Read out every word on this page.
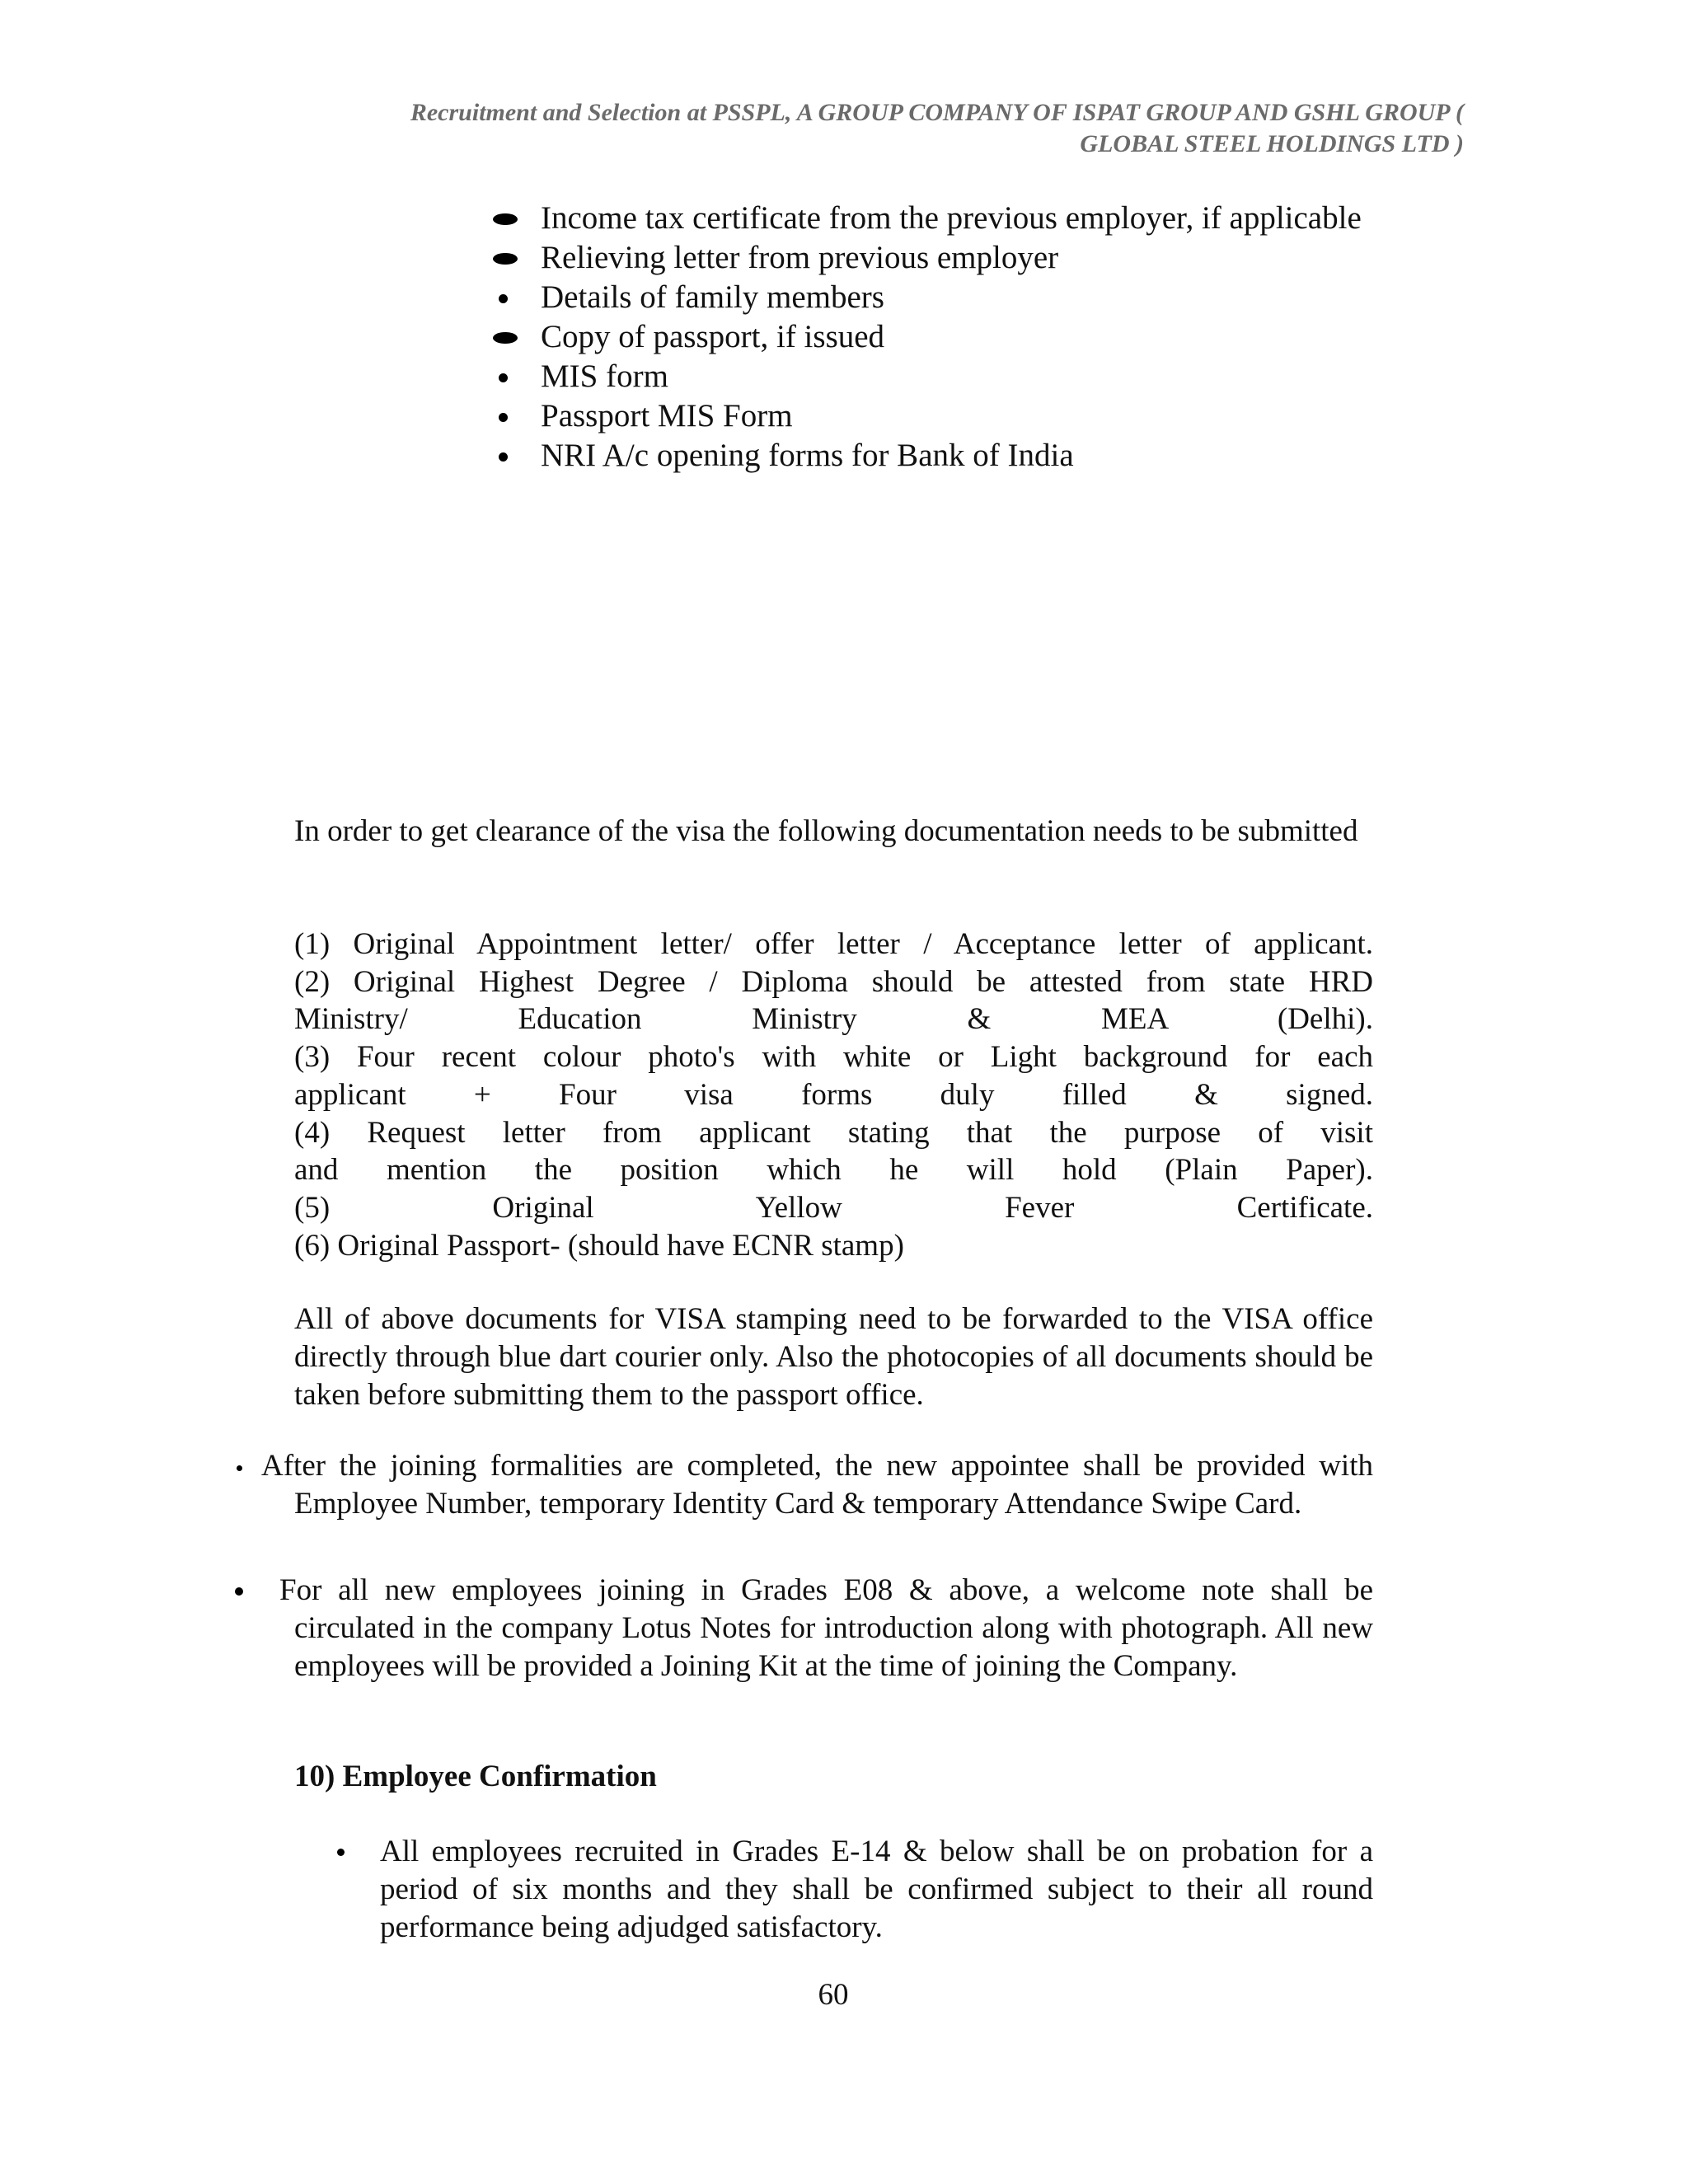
Recruitment and Selection at PSSPL, A GROUP COMPANY OF ISPAT GROUP AND GSHL GROUP (
GLOBAL STEEL HOLDINGS LTD )
Income tax certificate from the previous employer, if applicable
Relieving letter from previous employer
Details of family members
Copy of passport, if issued
MIS form
Passport MIS Form
NRI A/c opening forms for Bank of India

In order to get clearance of the visa the following documentation needs to be submitted

(1) Original Appointment letter/ offer letter / Acceptance letter of applicant.
(2) Original Highest Degree / Diploma should be attested from state HRD
Ministry/ Education Ministry & MEA (Delhi).
(3) Four recent colour photo's with white or Light background for each
applicant + Four visa forms duly filled & signed.
(4) Request letter from applicant stating that the purpose of visit
and mention the position which he will hold (Plain Paper).
(5) Original Yellow Fever Certificate.
(6) Original Passport- (should have ECNR stamp)

All of above documents for VISA stamping need to be forwarded to the VISA office directly through blue dart courier only. Also the photocopies of all documents should be taken before submitting them to the passport office.

After the joining formalities are completed, the new appointee shall be provided with Employee Number, temporary Identity Card & temporary Attendance Swipe Card.

For all new employees joining in Grades E08 & above, a welcome note shall be circulated in the company Lotus Notes for introduction along with photograph. All new employees will be provided a Joining Kit at the time of joining the Company.

10) Employee Confirmation

All employees recruited in Grades E-14 & below shall be on probation for a period of six months and they shall be confirmed subject to their all round performance being adjudged satisfactory.

60
